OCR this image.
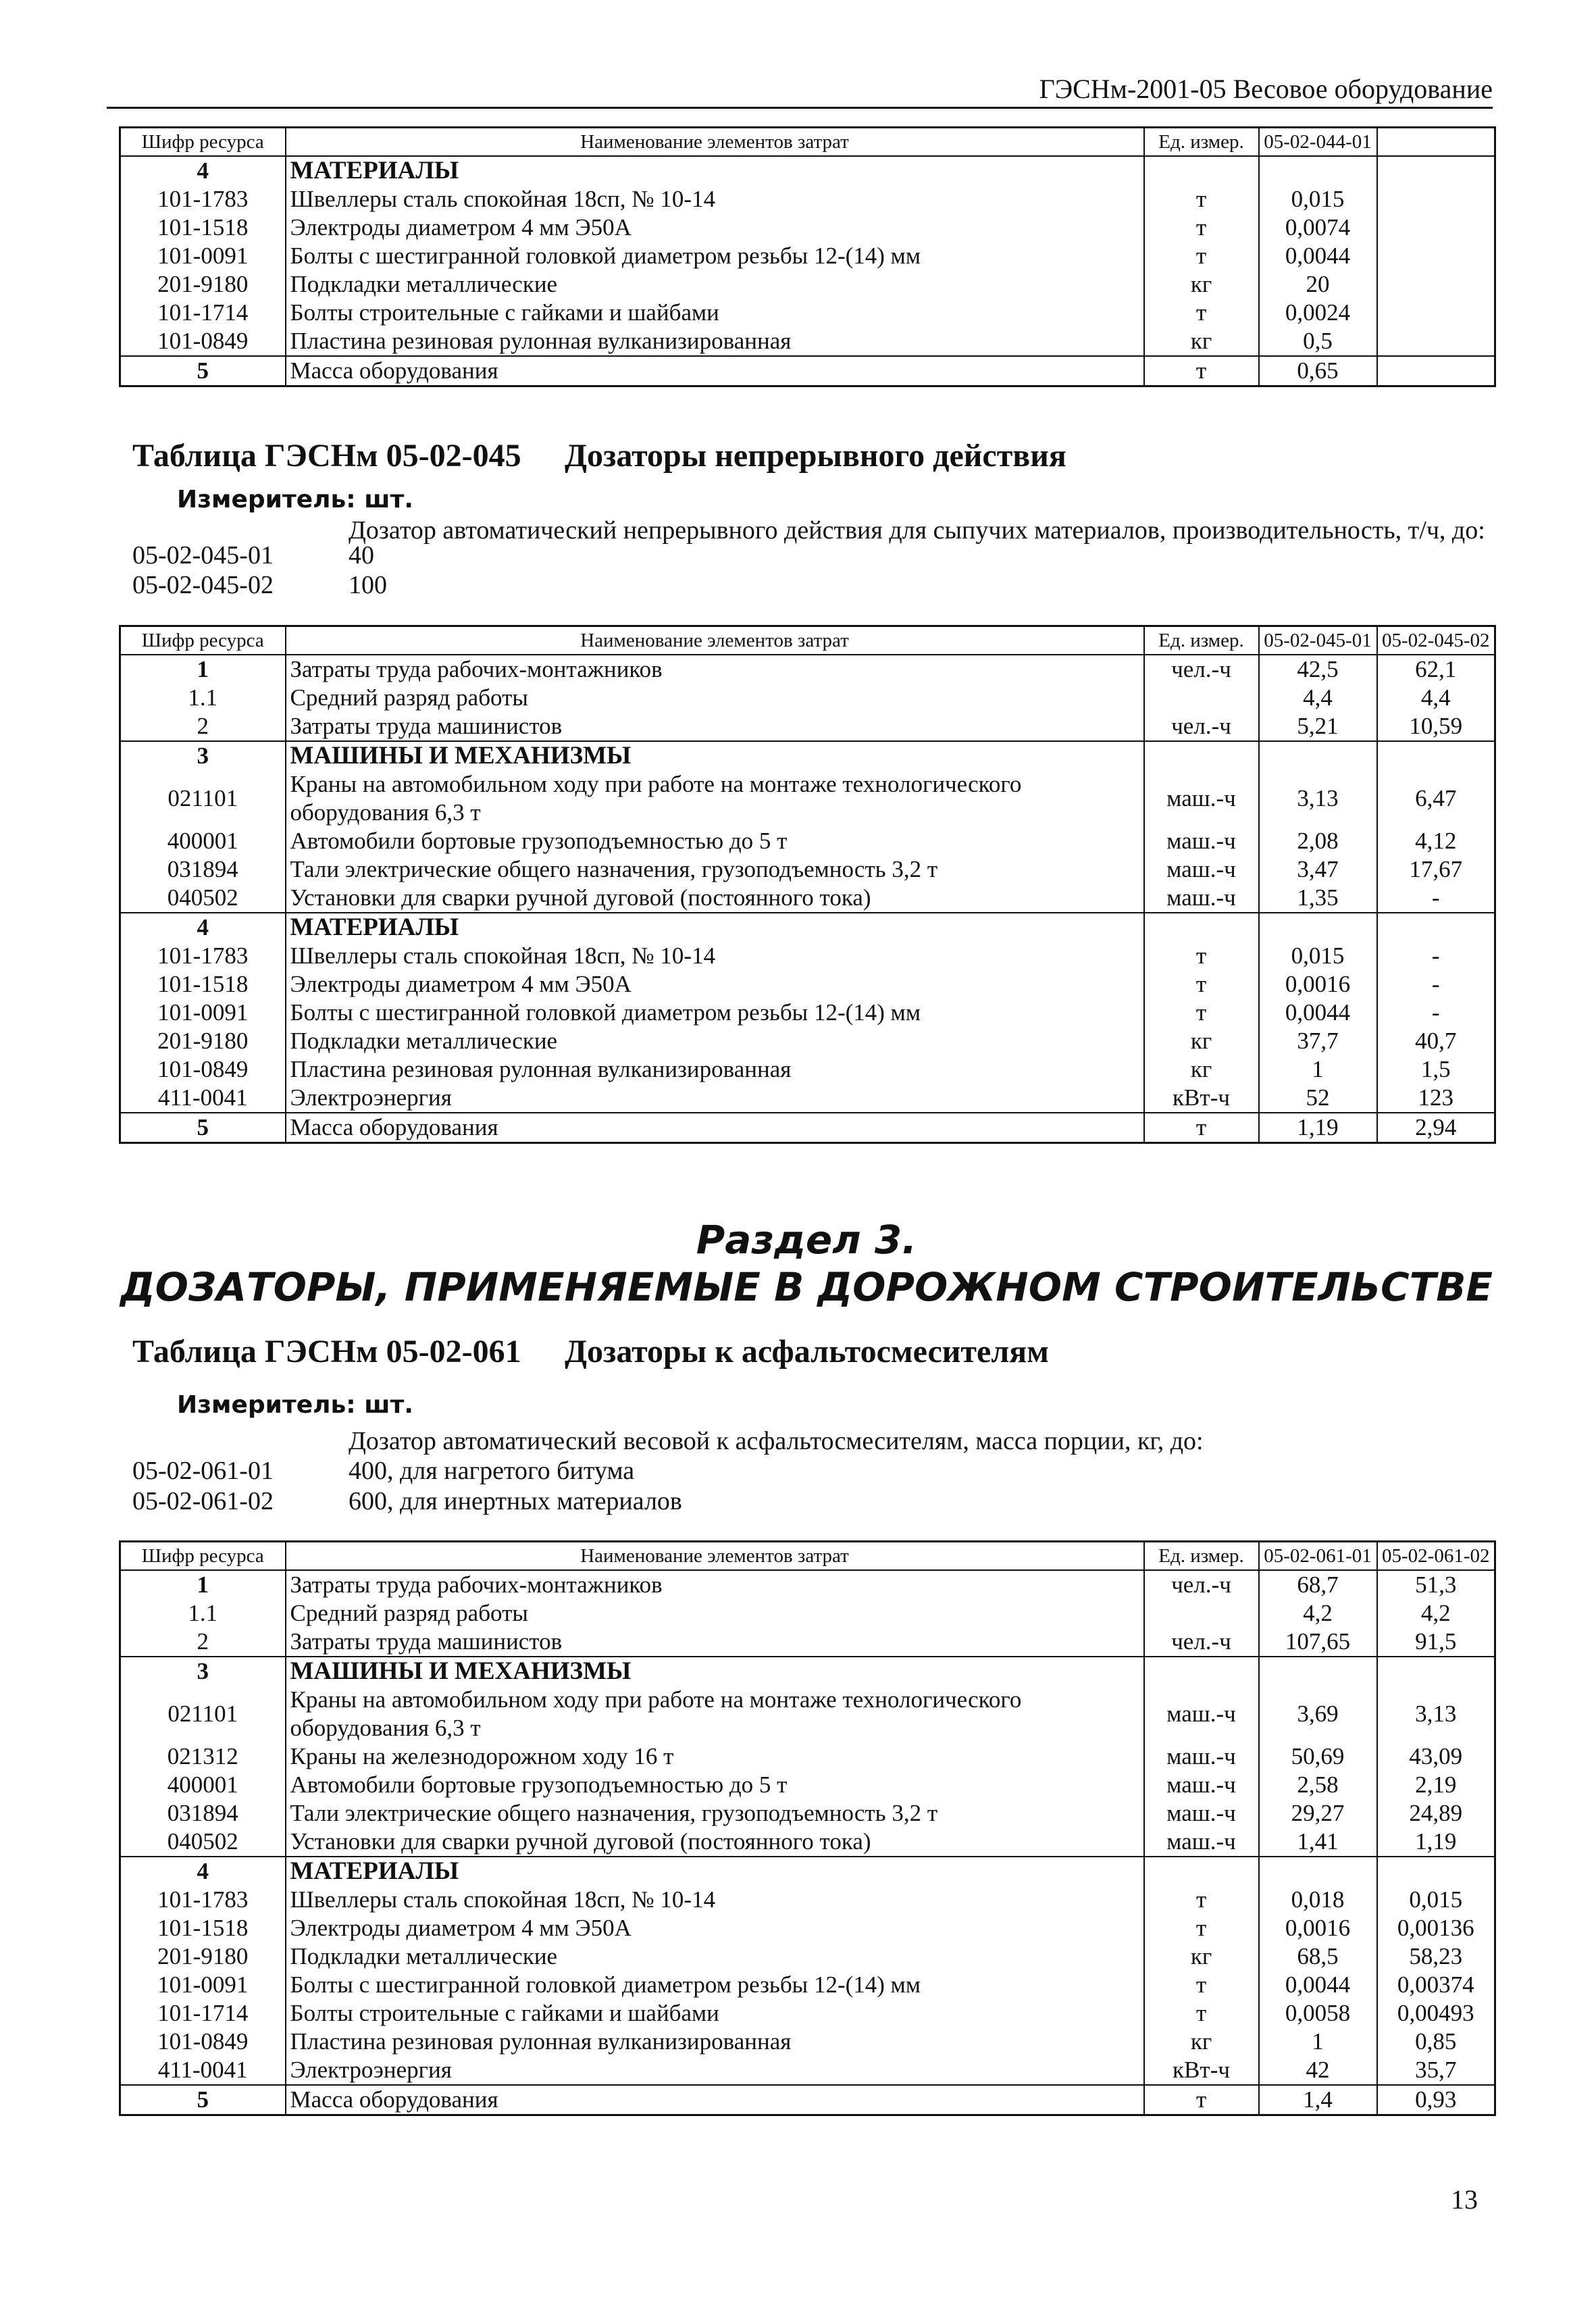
ГЭСНм-2001-05 Весовое оборудование
Шифр ресурса	Наименование элементов затрат	Ед. измер.	05-02-044-01	
4	МАТЕРИАЛЫ			
101-1783	Швеллеры сталь спокойная 18сп, № 10-14	т	0,015	
101-1518	Электроды диаметром 4 мм Э50А	т	0,0074	
101-0091	Болты с шестигранной головкой диаметром резьбы 12-(14) мм	т	0,0044	
201-9180	Подкладки металлические	кг	20	
101-1714	Болты строительные с гайками и шайбами	т	0,0024	
101-0849	Пластина резиновая рулонная вулканизированная	кг	0,5	
5	Масса оборудования	т	0,65	
Таблица ГЭСНм 05-02-045 Дозаторы непрерывного действия
Измеритель: шт.
Дозатор автоматический непрерывного действия для сыпучих материалов, производительность, т/ч, до:
05-02-045-01	40
05-02-045-02	100
Шифр ресурса	Наименование элементов затрат	Ед. измер.	05-02-045-01	05-02-045-02
1	Затраты труда рабочих-монтажников	чел.-ч	42,5	62,1
1.1	Средний разряд работы		4,4	4,4
2	Затраты труда машинистов	чел.-ч	5,21	10,59
3	МАШИНЫ И МЕХАНИЗМЫ			
021101	Краны на автомобильном ходу при работе на монтаже технологического оборудования 6,3 т	маш.-ч	3,13	6,47
400001	Автомобили бортовые грузоподъемностью до 5 т	маш.-ч	2,08	4,12
031894	Тали электрические общего назначения, грузоподъемность 3,2 т	маш.-ч	3,47	17,67
040502	Установки для сварки ручной дуговой (постоянного тока)	маш.-ч	1,35	-
4	МАТЕРИАЛЫ			
101-1783	Швеллеры сталь спокойная 18сп, № 10-14	т	0,015	-
101-1518	Электроды диаметром 4 мм Э50А	т	0,0016	-
101-0091	Болты с шестигранной головкой диаметром резьбы 12-(14) мм	т	0,0044	-
201-9180	Подкладки металлические	кг	37,7	40,7
101-0849	Пластина резиновая рулонная вулканизированная	кг	1	1,5
411-0041	Электроэнергия	кВт-ч	52	123
5	Масса оборудования	т	1,19	2,94
Раздел 3.
ДОЗАТОРЫ, ПРИМЕНЯЕМЫЕ В ДОРОЖНОМ СТРОИТЕЛЬСТВЕ
Таблица ГЭСНм 05-02-061 Дозаторы к асфальтосмесителям
Измеритель: шт.
Дозатор автоматический весовой к асфальтосмесителям, масса порции, кг, до:
05-02-061-01	400, для нагретого битума
05-02-061-02	600, для инертных материалов
Шифр ресурса	Наименование элементов затрат	Ед. измер.	05-02-061-01	05-02-061-02
1	Затраты труда рабочих-монтажников	чел.-ч	68,7	51,3
1.1	Средний разряд работы		4,2	4,2
2	Затраты труда машинистов	чел.-ч	107,65	91,5
3	МАШИНЫ И МЕХАНИЗМЫ			
021101	Краны на автомобильном ходу при работе на монтаже технологического оборудования 6,3 т	маш.-ч	3,69	3,13
021312	Краны на железнодорожном ходу 16 т	маш.-ч	50,69	43,09
400001	Автомобили бортовые грузоподъемностью до 5 т	маш.-ч	2,58	2,19
031894	Тали электрические общего назначения, грузоподъемность 3,2 т	маш.-ч	29,27	24,89
040502	Установки для сварки ручной дуговой (постоянного тока)	маш.-ч	1,41	1,19
4	МАТЕРИАЛЫ			
101-1783	Швеллеры сталь спокойная 18сп, № 10-14	т	0,018	0,015
101-1518	Электроды диаметром 4 мм Э50А	т	0,0016	0,00136
201-9180	Подкладки металлические	кг	68,5	58,23
101-0091	Болты с шестигранной головкой диаметром резьбы 12-(14) мм	т	0,0044	0,00374
101-1714	Болты строительные с гайками и шайбами	т	0,0058	0,00493
101-0849	Пластина резиновая рулонная вулканизированная	кг	1	0,85
411-0041	Электроэнергия	кВт-ч	42	35,7
5	Масса оборудования	т	1,4	0,93
13
